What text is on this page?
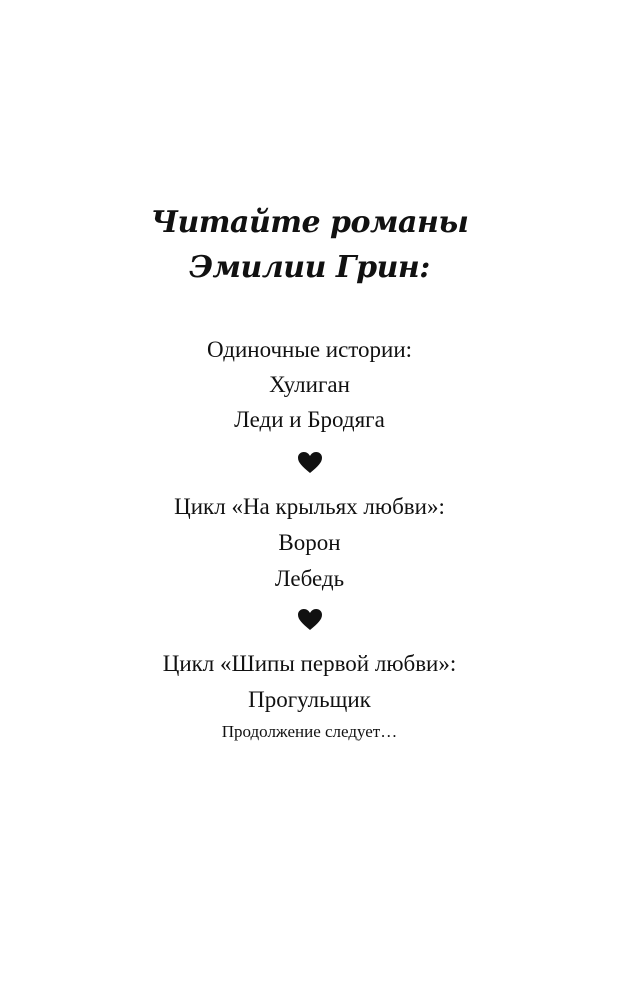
Читайте романы
Эмилии Грин:
Одиночные истории:
Хулиган
Леди и Бродяга
Цикл «На крыльях любви»:
Ворон
Лебедь
Цикл «Шипы первой любви»:
Прогульщик
Продолжение следует…
